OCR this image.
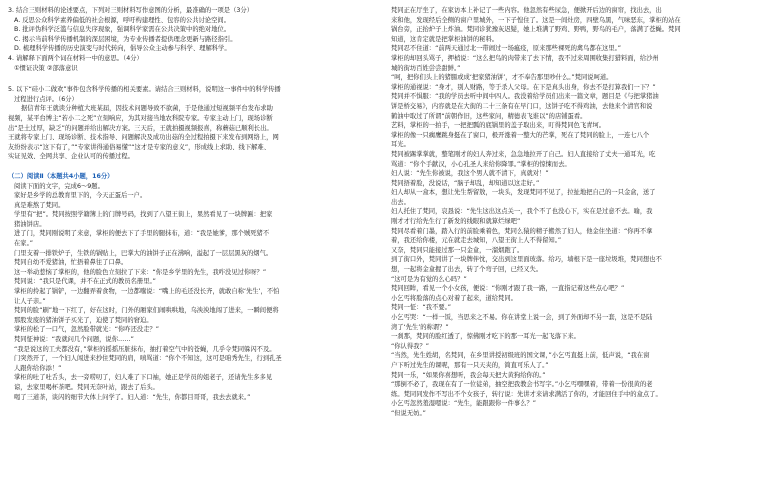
3. 结合三则材料的论述要点，下列对三则材料写作意图的分析，最准确的一项是（3分）
A. 反思公众科学素养偏低的社会根源，呼吁构建理性、包容的公共讨论空间。
B. 批评伪科学泛滥与信息失序现象，强调科学家需在公共决策中的绝对地位。
C. 揭示当前科学传播机制的深层困境，为专业传播者提供理念更新与路径指引。
D. 梳理科学传播的历史演变与时代转向，倡导公众主动参与科学、理解科学。
4. 请解释下面两个词在材料一中的意思。（4分）
①惯证决策 ②部落意识
5. 以下“硅小二做欢”事件包含科学传播的相关要素。请结合三则材料，说明这一事件中的科学传播
过程进行点评。（6分）
据信青年王就读分种植大班某届，因技术问题导致不欲菌，于是他通过短视频平台发布求助
视频，某平台博主“若小二之死”立刻响应，为其对接当地农科院专家。专家主动上门，现场诊断
出“是土过厚，缺乏”的问题并给出解决方案。三天后，王就拍摄视频报喜，称蘑菇已顺利长出。
王就将专家上门、现场诊断、技术指导、问题解决及成功出菇的全过程拍摄下来发布到网络上，网
友纷纷表示“这下有了，”“专家讲得通俗易懂”“这才是专家的意义”，形成线上求助、线下解难、
实证见效、全网共享、企业认可的传播过程。
（二）阅读Ⅱ（本题共4小题，16分）
阅读下面的文字，完成6～9题。
家好是乡学的总教育里下的，今天正蛋后一户。
真是难熬了梵同。
学里有“把”。梵同按照学籍簿上的门牌号码，找到了八望王街上，果然看见了一块牌匾：把家
猪油饼店。
进了门，梵同刚说明了来意，掌柜的便去下了手里的腿抹布，道：“我是她爹，那个贼死猪不
在家。”
门里支着一排铁炉子，生铁的锅贴上，巴掌大的油饼子正在沸响，溢起了一层层黑灰的烟气。
梵同自幼不爱猪油，忙捂着鼻往了口鼻。
这一举动惹恼了掌柜的，他的脸色立刻拉了下来：“你是乡学里的先生，我咋没见过你呀？”
梵同说：“我只是代课，并不在正式的教员名册里。”
掌柜的拎起了锅铲，一边翻弄着食物，一边都囔说：“嘴上的毛还没长齐，就敢自称‘先生’，不怕
让人子亲。”
梵同的脸“刷”地一下红了，好在这时，门外的厢家们闹哄哄地，乌泱泱地闯了进来，一瞬间便将
那股发废的猪油饼子买光了，迫使了梵同的窘迫。
掌柜的松了一口气，忽然脸带就光：“你咋还没走？”
梵同怔神说：“我就问几个问题，说你……”
“我是说这的工夫都没有，”掌柜的摇摇压脏抹布，抽打着空气中的苍蝇，几乎令梵同躲闪不及。
门突然开了，一个妇人闯进来抄住梵同的肩，嗔骂道：“你个不知这，这可是咱秀先生，行到孔圣
人跟你给你添！”
掌柜的吐了吐舌头，去一旁唠叨了，妇人难了下口袖，她正是学员的姐老子，还请先生多多见
谅，去家里喝杯茶吧。梵同无奈叶站，跟去了后头。
喝了三道茶，谈闪的细节大体上问学了。妇人道：“先生，你都目哥哥，我去去就来。”
梵同正在厅坐了，在家访本上补记了一些内容。他忽然有些尿急，便掀开后边的窗帘，找出去，出
来和他，发现经后全侧的窗户里城外，一下子惶住了。这是一间灶房，四壁乌黑，气味恶东，掌柜的站在
锅台旁，正抬炉子上炸油。梵同诊犹豫灰迟疑，她上堆满了野鸡、野鸭，野鸟的毛户，落满了苍蝇。梵同
知道，这肯定就是把掌柜油饼的秘料。
梵同忍不住道：“前两天通过北一带闹过一场瘟疫，原来那些裸死的禽鸟都在这里。”
掌柜的却回头骂子，押梢说：“这么把鸟的肉带来了去下情，我不过来周围收集打猎料面，给沙州
城的街坊百姓尝尝甜鲜。”
“呵，把你们头上的猪腸或成‘把家猪油饼’，才不奉告那里吵什么。”梵同说呵道。
掌柜的通视说：“身才，别人财路，等于杀人父母。在下是真头出身，你去不是打算我们一下？”
梵同并不惧服：“我的学员去听中间中四人。我没着给学员们出来一篇文章，题目是《与把掌猪油
饼是桥交易》，内容就是在大街的二十三条有在早门口，这饼子吃不得鸡油，去他来个清官和说
鹤油中取过了所谓“前朝作旧，这些家问，精德表飞谁以”的店铺蛋看。
艺料，掌柜的一拍手，一把把瓢的底锅里的盖子取出来，叮得梵同色飞青坷。
掌柜的像一只瘸鹰跳身挺在了窗口，极开涨着一整大的芒掌，死在了梵同的脸上，一连七八个
耳光。
梵同被踢掌掌就，整笔刚才的妇人奔过来，急急地拉开了自己。妇人直接给了丈夫一通耳光，吃
骂道：“你个手献汉，小心孔圣人来给你降罪。”掌柜的惊悚而去。
妇人说：“先生你被说，我这个男人就不清下，真就对！”
梵同捂着脸，没说话，“脑子却乱，却知道以这走好。”
妇人却从一盒本，想让先生帮留敖，一块头，发现梵同不见了，拉扯地把自己的一只金盒，送了
出去。
妇人托住了梵同，哀恳说：“先生这出这点关一，我个不了也没心下，实在是过意不去。喻，我
刚才才行给先生行了新发的线眼和就算烂绿吧”
梵同尽看着门墨，踏入行的前脸乘着色，梵同么猿的精子搬然了妇人，他金住坐道：“你再不拿
着，我还给你楼，元在就走去城知，八望王街上人不得留知。”
又奈，梵同只能接过那一只金盒，一溜烟跑了。
到了街口外，梵同讲了一块牌伴忱，交出到这里面玻落。给巧，墙根下是一座垃圾堆，梵同想也不
想，一起将金盒握了出去，转了个弯子回，已经又失。
“这可是为有觉的么心吗？”
梵同回眸，看见一个小女孩，便说：“你刚才跟了我一路，一直指记着这些点心吧？”
小乞丐将脸落的点心对着了起来，道给梵同。
梵同一怔：“我不要。”
小乞丐哭：“一样一饭，当思来之不易。你在讲堂上说一会，到了外面却不另一套，这是不是陆
湾了‘先生’的称谓？”
一刹那，梵同的脸红透了，惊佛刚才吃下的那一耳光一起飞落下来。
“你认得我？”
“当然，先生姓胡，名梵同，在乡里讲授初级班的国文课，”小乞丐直挺上前，低声说，“我在窗
户下听过先生的课呢，那有一只天夹的，简直可乐人了。”
梵同一乐，“如果你喜想听，我会每天把大黄狗给你的。”
“那倒不必了，我现在有了一位徒弟，抽空把我教会书写字。”小乞丐嘿嘿着，带着一份很黄的老
练。梵同同发作不写出不个女孩子，转行说：先讲才来请求满活了你的，才能回住手中的盒点了。
小乞丐忽然羞湿嗯说：“先生，能跟跟你一件事么？”
“但说无妨。”
